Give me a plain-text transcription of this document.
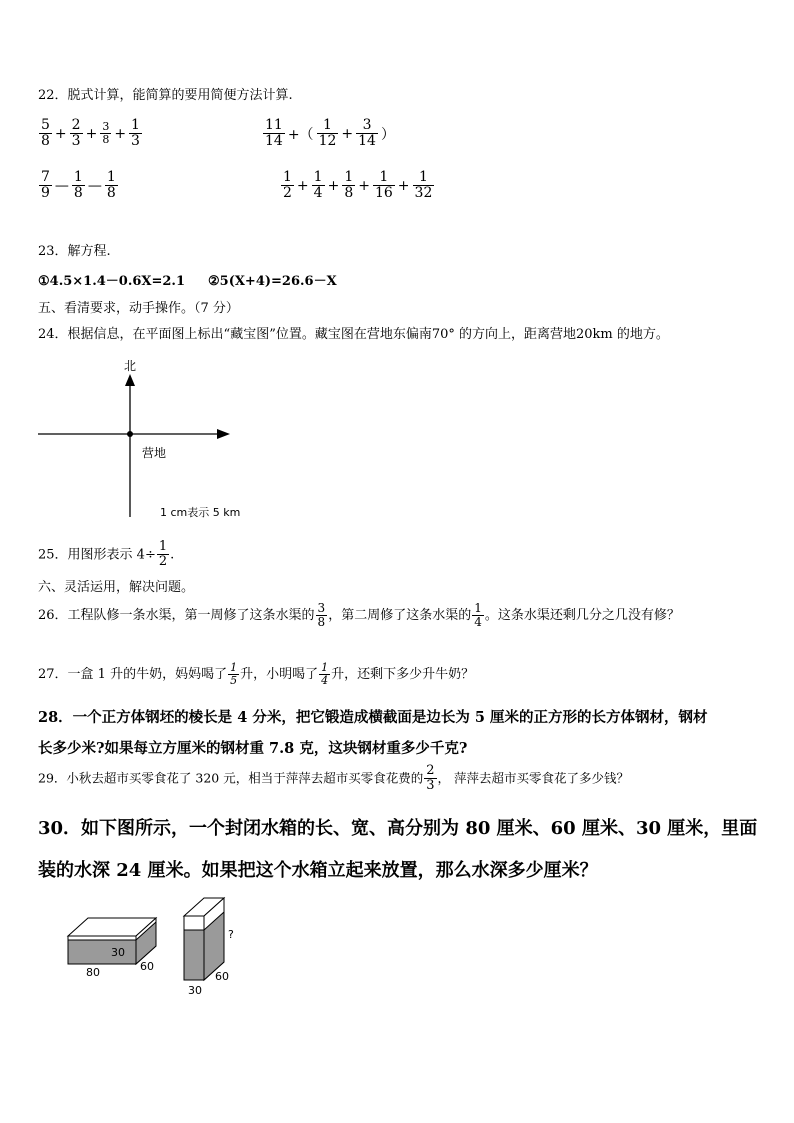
22．脱式计算，能简算的要用简便方法计算.
$\frac{5}{8} + \frac{2}{3} + \frac{3}{8} + \frac{1}{3}$	$\frac{11}{14}$ +（ $\frac{1}{12} + \frac{3}{14}$ ）
$\frac{7}{9}$ — $\frac{1}{8}$ — $\frac{1}{8}$	$\frac{1}{2} + \frac{1}{4} + \frac{1}{8} + \frac{1}{16} + \frac{1}{32}$
23．解方程.
①4.5×1.4－0.6X=2.1 ②5(X+4)=26.6－X
五、看清要求，动手操作。（7 分）
24．根据信息，在平面图上标出“藏宝图”位置。藏宝图在营地东偏南70° 的方向上，距离营地20km 的地方。
北
营地
1 cm表示 5 km
25．用图形表示 $4\div \frac{1}{2}$ .
六、灵活运用，解决问题。
26．工程队修一条水渠，第一周修了这条水渠的 $\frac{3}{8}$ ，第二周修了这条水渠的 $\frac{1}{4}$ 。这条水渠还剩几分之几没有修？
27．一盒 1 升的牛奶，妈妈喝了 $\frac{1}{5}$ 升，小明喝了 $\frac{1}{4}$ 升，还剩下多少升牛奶？
28．一个正方体钢坯的棱长是 4 分米，把它锻造成横截面是边长为 5 厘米的正方形的长方体钢材，钢材
长多少米?如果每立方厘米的钢材重 7.8 克，这块钢材重多少千克?
29．小秋去超市买零食花了 320 元，相当于萍萍去超市买零食花费的 $\frac{2}{3}$ ， 萍萍去超市买零食花了多少钱？
30．如下图所示，一个封闭水箱的长、宽、高分别为 80 厘米、60 厘米、30 厘米，里面
装的水深 24 厘米。如果把这个水箱立起来放置，那么水深多少厘米？
30
80	60
?
60
30
